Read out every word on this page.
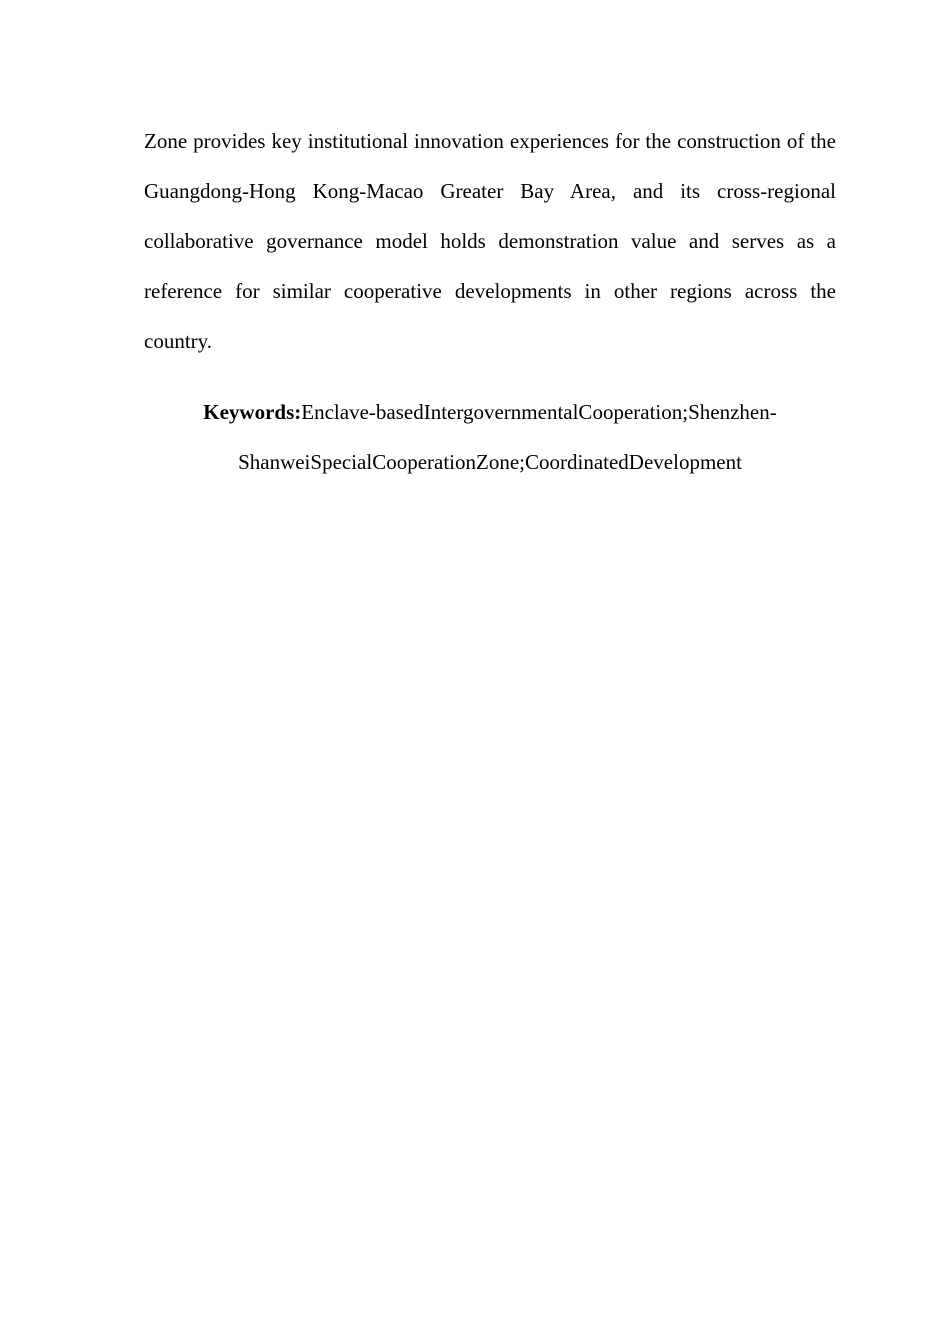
Zone provides key institutional innovation experiences for the construction of the Guangdong-Hong Kong-Macao Greater Bay Area, and its cross-regional collaborative governance model holds demonstration value and serves as a reference for similar cooperative developments in other regions across the country.

Keywords:Enclave-basedIntergovernmentalCooperation;Shenzhen-
ShanweiSpecialCooperationZone;CoordinatedDevelopment
